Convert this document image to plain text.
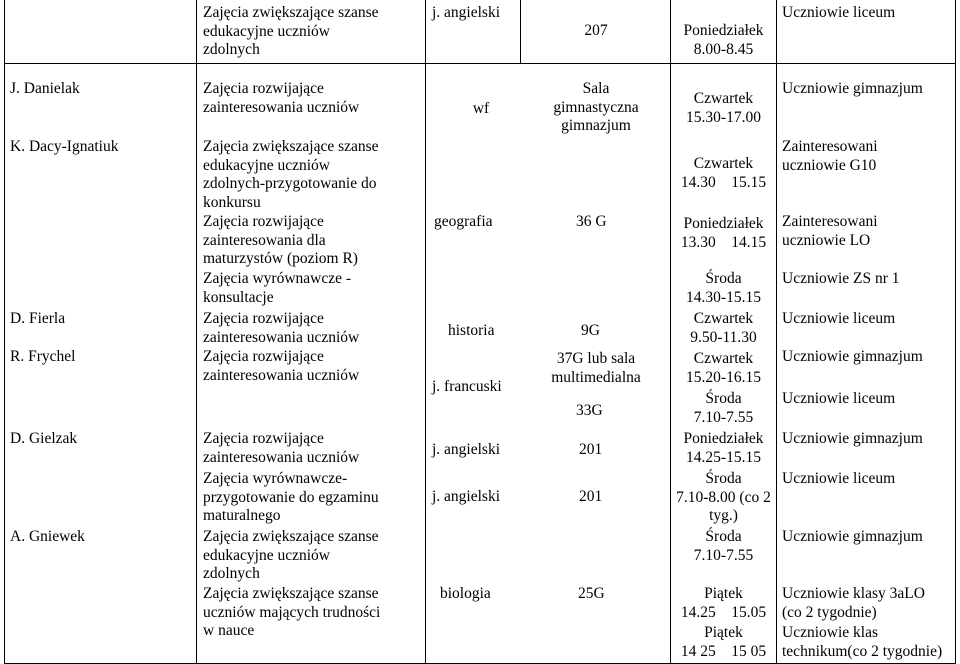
Zajęcia zwiększające szanse
edukacyjne uczniów
zdolnych
j. angielski
207	Poniedziałek
8.00-8.45
Uczniowie liceum
J. Danielak
K. Dacy-Ignatiuk
D. Fierla
R. Frychel
D. Gielzak
A. Gniewek
Zajęcia rozwijające
zainteresowania uczniów
Zajęcia zwiększające szanse
edukacyjne uczniów
zdolnych-przygotowanie do
konkursu
Zajęcia rozwijające
zainteresowania dla
maturzystów (poziom R)
Zajęcia wyrównawcze -
konsultacje
Zajęcia rozwijające
zainteresowania uczniów
Zajęcia rozwijające
zainteresowania uczniów
Zajęcia rozwijające
zainteresowania uczniów
Zajęcia wyrównawcze-
przygotowanie do egzaminu
maturalnego
Zajęcia zwiększające szanse
edukacyjne uczniów
zdolnych
Zajęcia zwiększające szanse
uczniów mających trudności
w nauce
wf
geografia
historia
j. francuski
j. angielski
j. angielski
biologia
Sala
gimnastyczna
gimnazjum
36 G
9G
37G lub sala
multimedialna
33G
201
201
25G
Czwartek
15.30-17.00
Czwartek
14.30    15.15
Poniedziałek
13.30    14.15
Środa
14.30-15.15
Czwartek
9.50-11.30
Czwartek
15.20-16.15
Środa
7.10-7.55
Poniedziałek
14.25-15.15
Środa
7.10-8.00 (co 2
tyg.)
Środa
7.10-7.55
Piątek
14.25    15.05
Piątek
14 25    15 05
Uczniowie gimnazjum
Zainteresowani
uczniowie G10
Zainteresowani
uczniowie LO
Uczniowie ZS nr 1
Uczniowie liceum
Uczniowie gimnazjum
Uczniowie liceum
Uczniowie gimnazjum
Uczniowie liceum
Uczniowie gimnazjum
Uczniowie klasy 3aLO
(co 2 tygodnie)
Uczniowie klas
technikum(co 2 tygodnie)
